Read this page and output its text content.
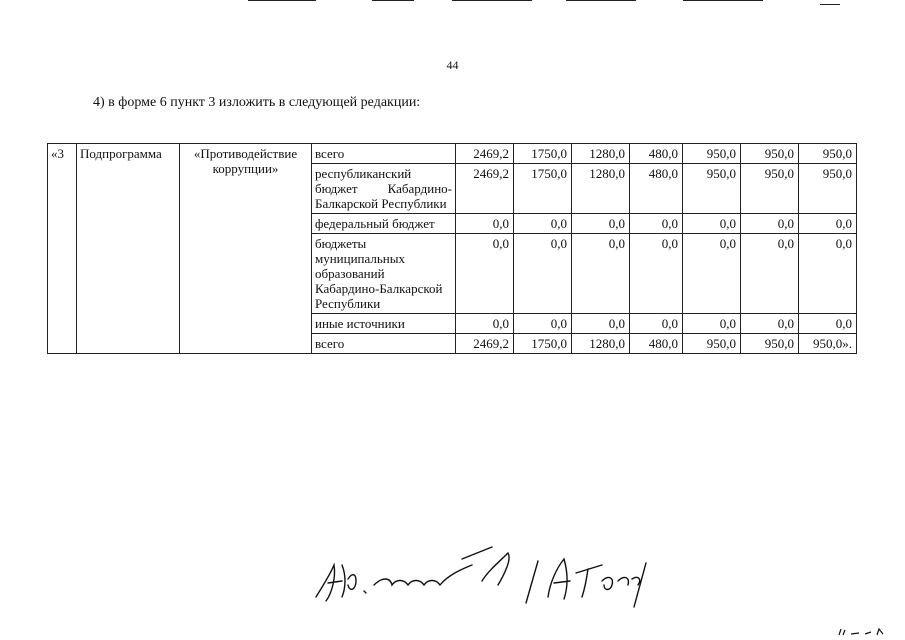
44
4) в форме 6 пункт 3 изложить в следующей редакции:
«3	Подпрограмма	«Противодействие коррупции»	всего	2469,2	1750,0	1280,0	480,0	950,0	950,0	950,0
			республиканский бюджет Кабардино-Балкарской Республики	2469,2	1750,0	1280,0	480,0	950,0	950,0	950,0
			федеральный бюджет	0,0	0,0	0,0	0,0	0,0	0,0	0,0
			бюджеты муниципальных образований Кабардино-Балкарской Республики	0,0	0,0	0,0	0,0	0,0	0,0	0,0
			иные источники	0,0	0,0	0,0	0,0	0,0	0,0	0,0
			всего	2469,2	1750,0	1280,0	480,0	950,0	950,0	950,0».
